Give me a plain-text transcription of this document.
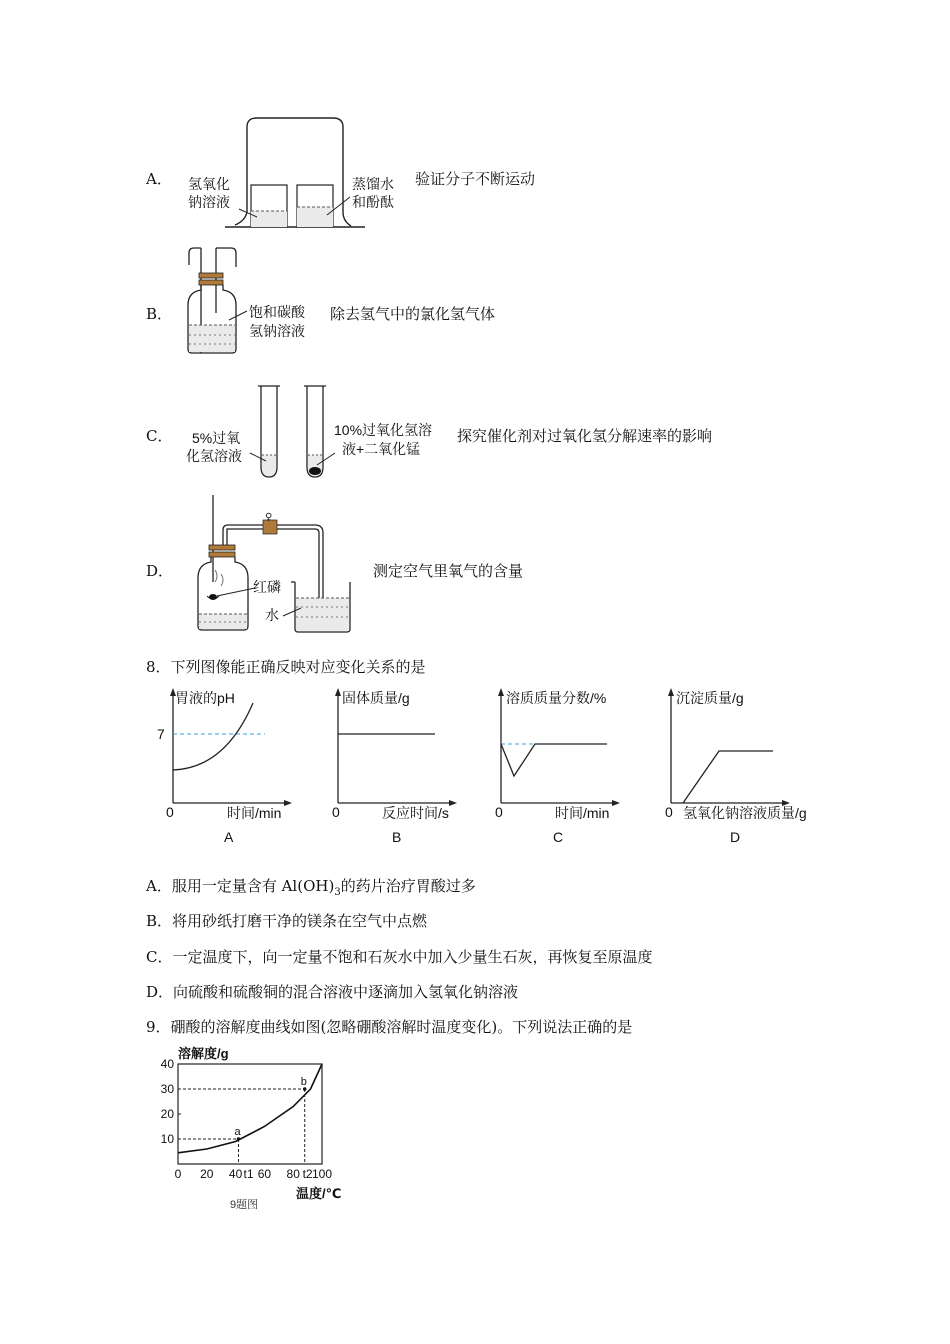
A． 氢氧化
钠溶液
蒸馏水
和酚酞
验证分子不断运动
B．	饱和碳酸
氢钠溶液
除去氢气中的氯化氢气体
C． 5%过氧
化氢溶液
10%过氧化氢溶
液+二氧化锰
探究催化剂对过氧化氢分解速率的影响
D．
♀
红磷
水
测定空气里氧气的含量
8．下列图像能正确反映对应变化关系的是
胃液的pH
7
0	时间/min
A
固体质量/g
0	反应时间/s
B
溶质质量分数/%
0	时间/min
C
沉淀质量/g
0 氢氧化钠溶液质量/g
D
A．服用一定量含有 $Al(OH)_3$的药片治疗胃酸过多
B．将用砂纸打磨干净的镁条在空气中点燃
C．一定温度下，向一定量不饱和石灰水中加入少量生石灰，再恢复至原温度
D．向硫酸和硫酸铜的混合溶液中逐滴加入氢氧化钠溶液
9．硼酸的溶解度曲线如图(忽略硼酸溶解时温度变化)。下列说法正确的是
溶解度/g
温度/℃
9题图
10
20
30
40
0 20 40 t1 60 80 t2 100
a
b
